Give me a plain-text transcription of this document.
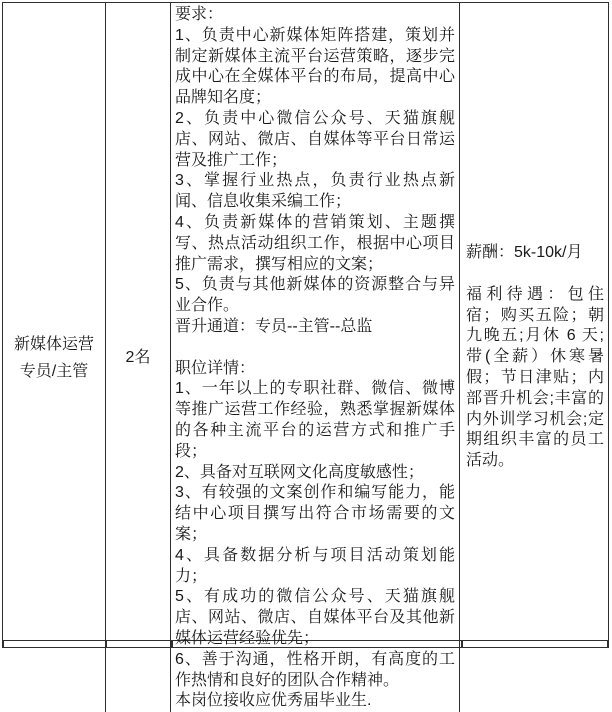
新媒体运营专员/主管
2名

要求：

1、负责中心新媒体矩阵搭建，策划并制定新媒体主流平台运营策略，逐步完成中心在全媒体平台的布局，提高中心品牌知名度；

2、负责中心微信公众号、天猫旗舰店、网站、微店、自媒体等平台日常运营及推广工作；

3、掌握行业热点，负责行业热点新闻、信息收集采编工作；

4、负责新媒体的营销策划、主题撰写、热点活动组织工作，根据中心项目推广需求，撰写相应的文案；

5、负责与其他新媒体的资源整合与异业合作。

晋升通道：专员--主管--总监

职位详情：

1、一年以上的专职社群、微信、微博等推广运营工作经验，熟悉掌握新媒体的各种主流平台的运营方式和推广手段；

2、具备对互联网文化高度敏感性；

3、有较强的文案创作和编写能力，能结中心项目撰写出符合市场需要的文案；

4、具备数据分析与项目活动策划能力；

5、有成功的微信公众号、天猫旗舰店、网站、微店、自媒体平台及其他新媒体运营经验优先；

6、善于沟通，性格开朗，有高度的工作热情和良好的团队合作精神。

本岗位接收应优秀届毕业生.

薪酬：5k-10k/月

福利待遇：包住宿；购买五险；朝九晚五;月休 6 天;带(全薪）休寒暑假；节日津贴；内部晋升机会;丰富的内外训学习机会;定期组织丰富的员工活动。
